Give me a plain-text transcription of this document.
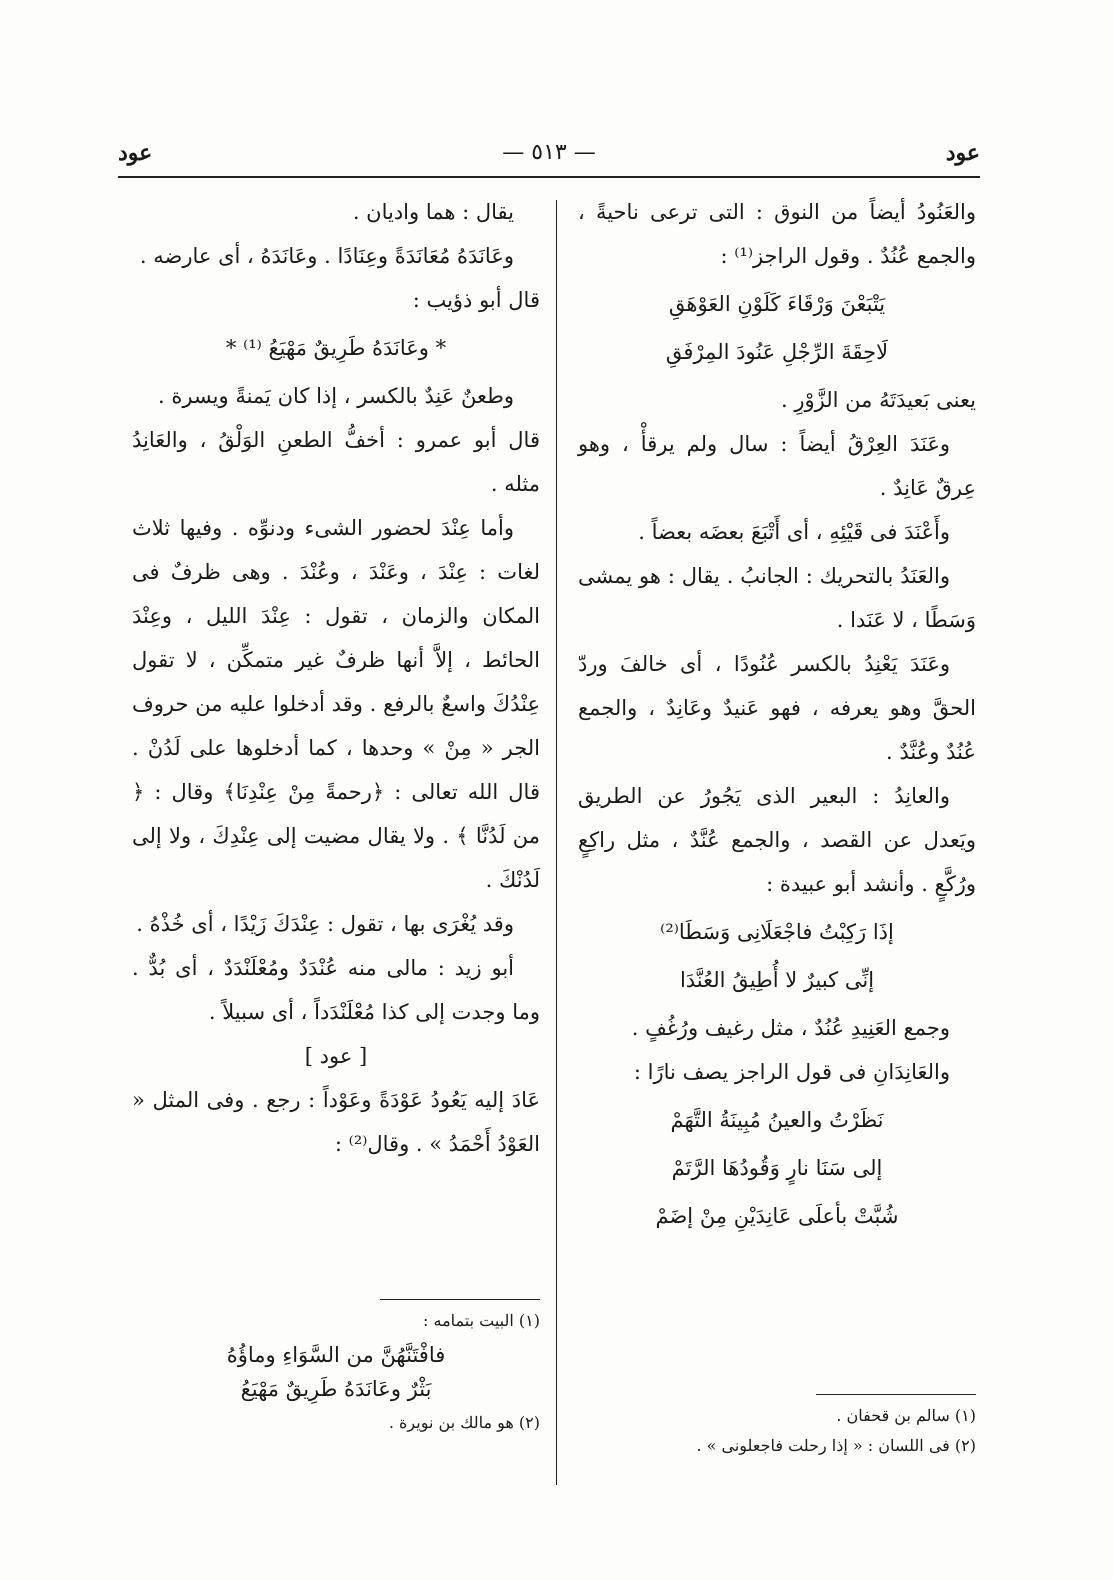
عود
— ٥١٣ —
عود

والعَنُودُ أيضاً من النوق : التى ترعى ناحيةً ، والجمع عُنُدٌ . وقول الراجز⁽¹⁾ :

يَتْبَعْنَ وَرْقَاءَ كَلَوْنِ العَوْهَقِ

لَاحِقَةَ الرِّجْلِ عَنُودَ المِرْفَقِ

يعنى بَعيدَتَهُ من الزَّوْرِ .

وعَنَدَ العِرْقُ أيضاً : سال ولم يرقأْ ، وهو عِرقٌ عَانِدٌ .

وأَعْنَدَ فى قَيْئِهِ ، أى أَتْبَعَ بعضَه بعضاً .

والعَنَدُ بالتحريك : الجانبُ . يقال : هو يمشى وَسَطًا ، لا عَنَدا .

وعَنَدَ يَعْنِدُ بالكسر عُنُودًا ، أى خالفَ وردّ الحقَّ وهو يعرفه ، فهو عَنيدٌ وعَانِدٌ ، والجمع عُنُدٌ وعُنَّدٌ .

والعانِدُ : البعير الذى يَجُورُ عن الطريق ويَعدل عن القصد ، والجمع عُنَّدٌ ، مثل راكِعٍ ورُكَّعٍ . وأنشد أبو عبيدة :

إذَا رَكِبْتُ فاجْعَلَانِى وَسَطَا⁽²⁾

إنِّى كبيرٌ لا أُطِيقُ العُنَّدَا

وجمع العَنِيدِ عُنُدٌ ، مثل رغيف ورُغُفٍ .

والعَانِدَانِ فى قول الراجز يصف نارًا :

نَظَرْتُ والعينُ مُبِينَةُ التَّهَمْ

إلى سَنَا نارٍ وَقُودُهَا الرَّتَمْ

شُبَّتْ بأعلَى عَانِدَيْنِ مِنْ إضَمْ

(١) سالم بن قحفان .
(٢) فى اللسان : « إذا رحلت فاجعلونى » .

يقال : هما واديان .

وعَانَدَهُ مُعَانَدَةً وعِنَادًا . وعَانَدَهُ ، أى عارضه .

قال أبو ذؤيب :

* وعَانَدَهُ طَرِيقٌ مَهْيَعُ ⁽¹⁾ *

وطعنٌ عَنِدٌ بالكسر ، إذا كان يَمنةً ويسرة .

قال أبو عمرو : أخفُّ الطعنِ الوَلْقُ ، والعَانِدُ مثله .

وأما عِنْدَ لحضور الشىء ودنوِّه . وفيها ثلاث لغات : عِنْدَ ، وعَنْدَ ، وعُنْدَ . وهى ظرفٌ فى المكان والزمان ، تقول : عِنْدَ الليل ، وعِنْدَ الحائط ، إلاَّ أنها ظرفٌ غير متمكِّن ، لا تقول عِنْدُكَ واسعٌ بالرفع . وقد أدخلوا عليه من حروف الجر « مِنْ » وحدها ، كما أدخلوها على لَدُنْ . قال الله تعالى : ﴿رحمةً مِنْ عِنْدِنَا﴾ وقال : ﴿ من لَدُنَّا ﴾ . ولا يقال مضيت إلى عِنْدِكَ ، ولا إلى لَدُنْكَ .

وقد يُغْرَى بها ، تقول : عِنْدَكَ زَيْدًا ، أى خُذْهُ .

أبو زيد : مالى منه عُنْدَدٌ ومُعْلَنْدَدٌ ، أى بُدٌّ . وما وجدت إلى كذا مُعْلَنْدَداً ، أى سبيلاً .

[ عود ]

عَادَ إليه يَعُودُ عَوْدَةً وعَوْداً : رجع . وفى المثل « العَوْدُ أَحْمَدُ » . وقال⁽²⁾ :

(١) البيت بتمامه :
فافْتَنَّهُنَّ من السَّوَاءِ وماؤُهُ
بَثْرٌ وعَانَدَهُ طَرِيقٌ مَهْيَعُ
(٢) هو مالك بن نويرة .
